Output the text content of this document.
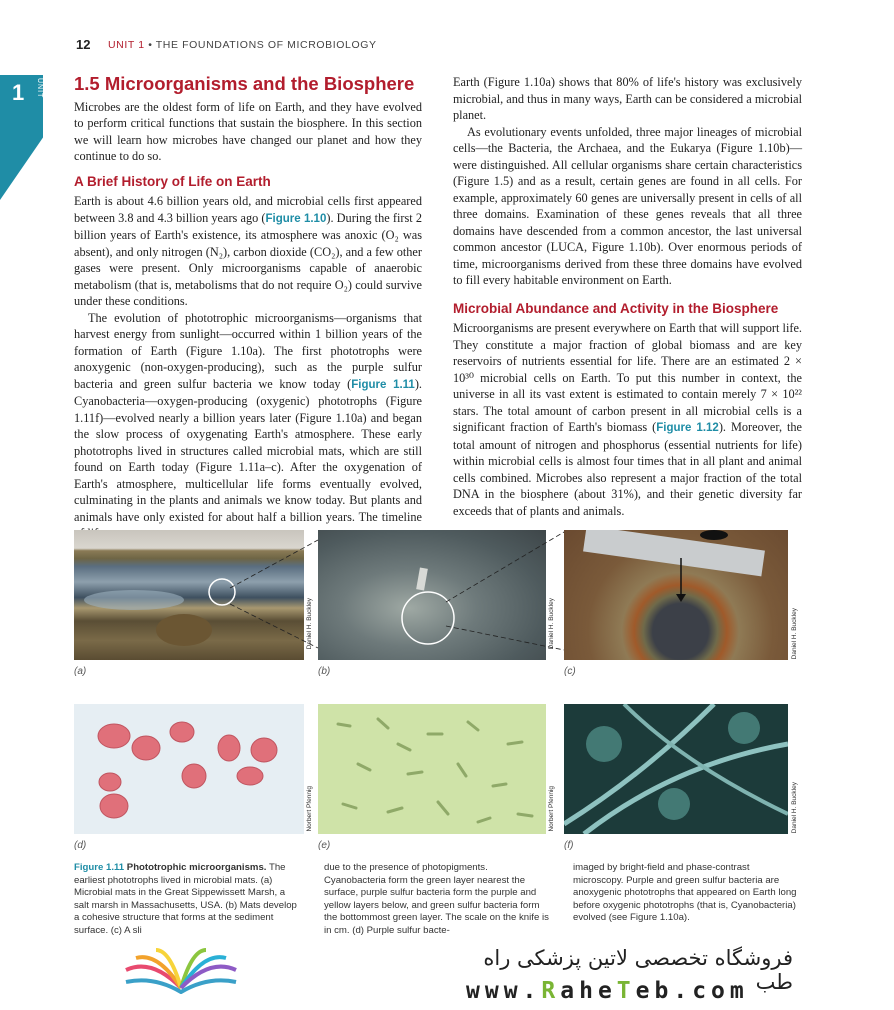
12 UNIT 1 • THE FOUNDATIONS OF MICROBIOLOGY
1 UNIT 1.5 Microorganisms and the Biosphere

Microbes are the oldest form of life on Earth, and they have evolved to perform critical functions that sustain the biosphere. In this section we will learn how microbes have changed our planet and how they continue to do so.

A Brief History of Life on Earth

Earth is about 4.6 billion years old, and microbial cells first appeared between 3.8 and 4.3 billion years ago (Figure 1.10). During the first 2 billion years of Earth's existence, its atmosphere was anoxic (O₂ was absent), and only nitrogen (N₂), carbon dioxide (CO₂), and a few other gases were present. Only microorganisms capable of anaerobic metabolism (that is, metabolisms that do not require O₂) could survive under these conditions.

The evolution of phototrophic microorganisms—organisms that harvest energy from sunlight—occurred within 1 billion years of the formation of Earth (Figure 1.10a). The first phototrophs were anoxygenic (non-oxygen-producing), such as the purple sulfur bacteria and green sulfur bacteria we know today (Figure 1.11). Cyanobacteria—oxygen-producing (oxygenic) phototrophs (Figure 1.11f)—evolved nearly a billion years later (Figure 1.10a) and began the slow process of oxygenating Earth's atmosphere. These early phototrophs lived in structures called microbial mats, which are still found on Earth today (Figure 1.11a–c). After the oxygenation of Earth's atmosphere, multicellular life forms eventually evolved, culminating in the plants and animals we know today. But plants and animals have only existed for about half a billion years. The timeline

Earth (Figure 1.10a) shows that 80% of life's history was exclusively microbial, and thus in many ways, Earth can be considered a microbial planet.

As evolutionary events unfolded, three major lineages of microbial cells—the Bacteria, the Archaea, and the Eukarya (Figure 1.10b)—were distinguished. All cellular organisms share certain characteristics (Figure 1.5) and as a result, certain genes are found in all cells. For example, approximately 60 genes are universally present in cells of all three domains. Examination of these genes reveals that all three domains have descended from a common ancestor, the last universal common ancestor (LUCA, Figure 1.10b). Over enormous periods of time, microorganisms derived from these three domains have evolved to fill every habitable environment on Earth.

Microbial Abundance and Activity in the Biosphere

Microorganisms are present everywhere on Earth that will support life. They constitute a major fraction of global biomass and are key reservoirs of nutrients essential for life. There are an estimated 2 × 10³⁰ microbial cells on Earth. To put this number in context, the universe in all its vast extent is estimated to contain merely 7 × 10²² stars. The total amount of carbon present in all microbial cells is a significant fraction of Earth's biomass (Figure 1.12). Moreover, the total amount of nitrogen and phosphorus (essential nutrients for life) within microbial cells is almost four times that in all plant and animal cells combined. Microbes also represent a major fraction of the total DNA in the biosphere (about 31%), and their genetic diversity far exceeds that of plants and animals.

Daniel H. Buckley	Daniel H. Buckley	Daniel H. Buckley
Norbert Pfennig	Norbert Pfennig	Daniel H. Buckley
(a)	(b)	(c)
(d)	(e)	(f)
Figure 1.11 Phototrophic microorganisms. The earliest phototrophs lived in microbial mats. (a) Microbial mats in the Great Sippewissett Marsh, a salt marsh in Massachusetts, USA. (b) Mats develop a cohesive structure that forms at the sediment surface. (c) A sli
due to the presence of photopigments. Cyanobacteria form the green layer nearest the surface, purple sulfur bacteria form the purple and yellow layers below, and green sulfur bacteria form the bottommost green layer. The scale on the knife is in cm. (d) Purple sulfur bacte-
imaged by bright-field and phase-contrast microscopy. Purple and green sulfur bacteria are anoxygenic phototrophs that appeared on Earth long before oxygenic phototrophs (that is, Cyanobacteria) evolved (see Figure 1.10a).
فروشگاه تخصصی لاتین پزشکی راه طب
www.RaheTeb.com
